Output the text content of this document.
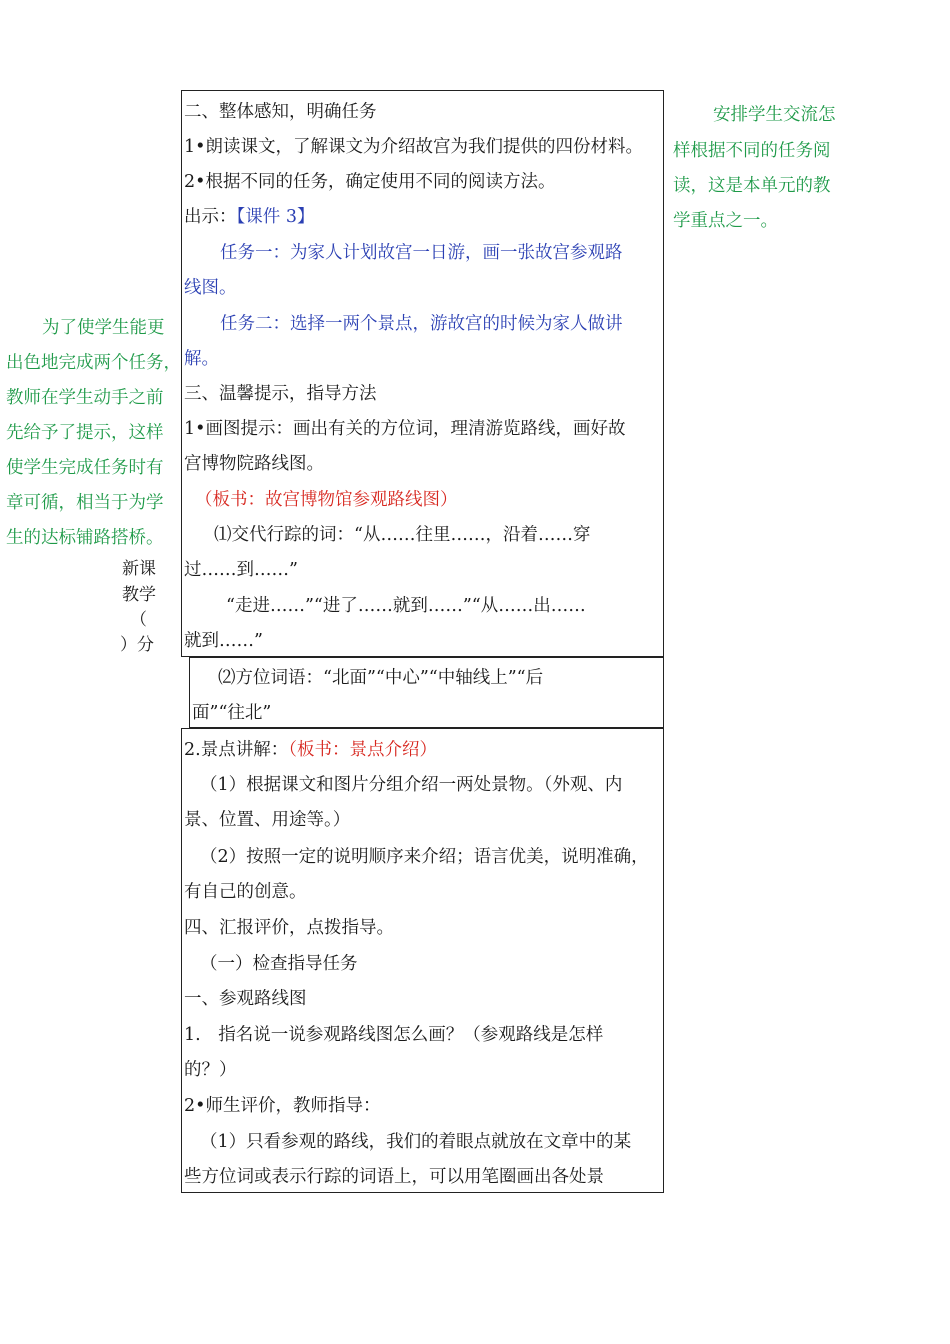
二、整体感知，明确任务
1•朗读课文，了解课文为介绍故宫为我们提供的四份材料。
2•根据不同的任务，确定使用不同的阅读方法。
出示：【课件 3】
任务一：为家人计划故宫一日游，画一张故宫参观路
线图。
任务二：选择一两个景点，游故宫的时候为家人做讲
解。
三、温馨提示，指导方法
1•画图提示：画出有关的方位词，理清游览路线，画好故
宫博物院路线图。
（板书：故宫博物馆参观路线图）
⑴交代行踪的词：“从……往里……，沿着……穿
过……到……”
“走进……”“进了……就到……”“从……出……
就到……”
⑵方位词语：“北面”“中心”“中轴线上”“后
面”“往北”
2.景点讲解：（板书：景点介绍）
（1）根据课文和图片分组介绍一两处景物。（外观、内
景、位置、用途等。）
（2）按照一定的说明顺序来介绍；语言优美，说明准确，
有自己的创意。
四、汇报评价，点拨指导。
（一）检查指导任务
一、参观路线图
1.　指名说一说参观路线图怎么画？（参观路线是怎样
的？）
2•师生评价，教师指导：
（1）只看参观的路线，我们的着眼点就放在文章中的某
些方位词或表示行踪的词语上，可以用笔圈画出各处景
安排学生交流怎
样根据不同的任务阅
读，这是本单元的教
学重点之一。
为了使学生能更
出色地完成两个任务，
教师在学生动手之前
先给予了提示，这样
使学生完成任务时有
章可循，相当于为学
生的达标铺路搭桥。
新课
教学
（
）分
